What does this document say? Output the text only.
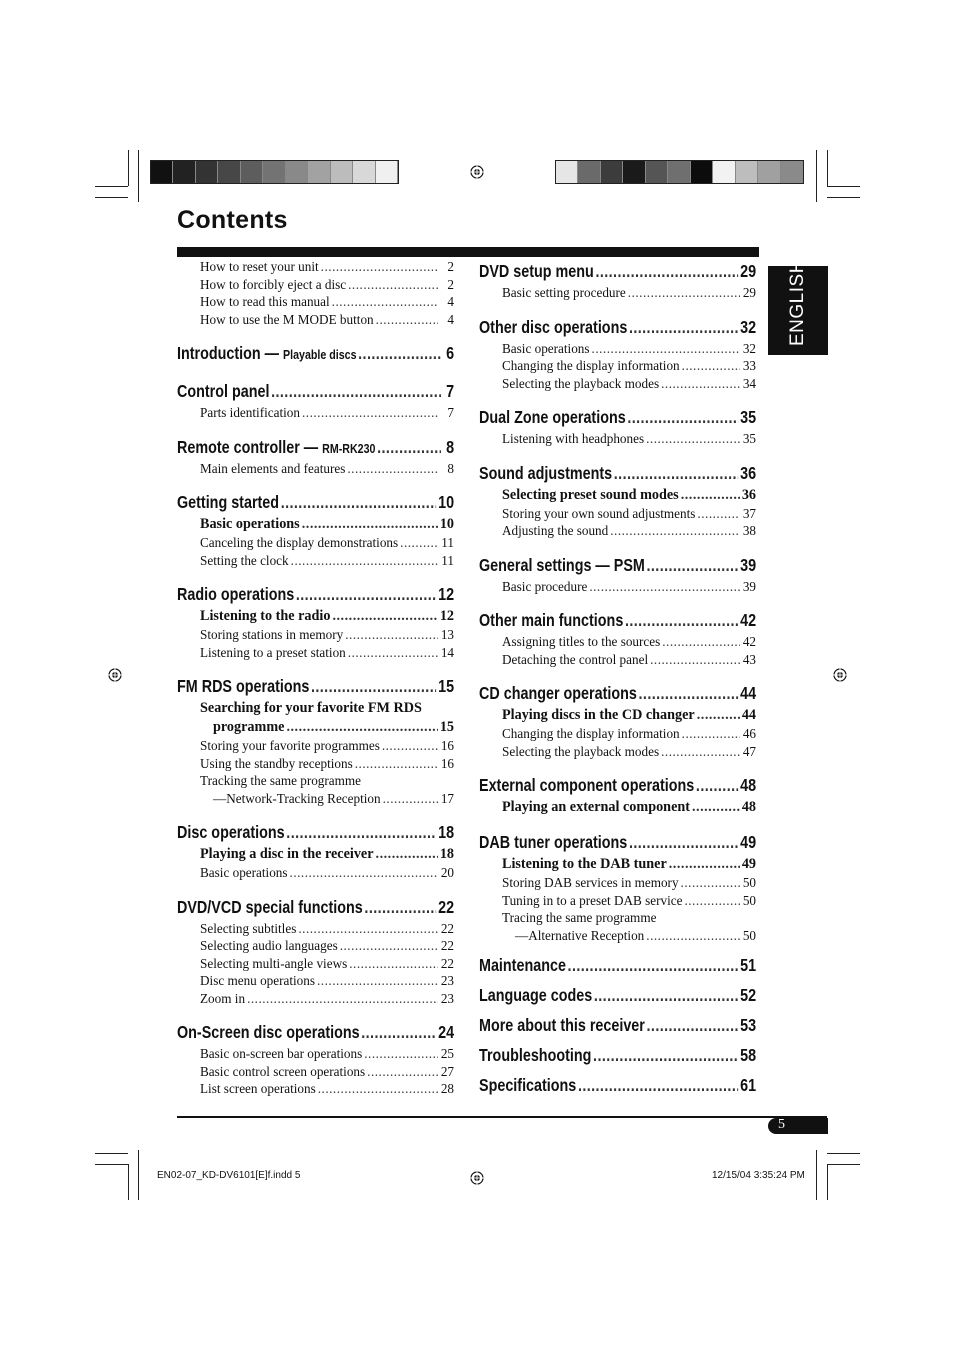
Contents
ENGLISH
How to reset your unit .....	2
How to forcibly eject a disc .....	2
How to read this manual .....	4
How to use the M MODE button .....	4
Introduction — Playable discs .....	6
Control panel .....	7
Parts identification .....	7
Remote controller — RM-RK230 .....	8
Main elements and features .....	8
Getting started .....	10
Basic operations .....	10
Canceling the display demonstrations .....	11
Setting the clock .....	11
Radio operations .....	12
Listening to the radio .....	12
Storing stations in memory .....	13
Listening to a preset station .....	14
FM RDS operations .....	15
Searching for your favorite FM RDS
programme .....	15
Storing your favorite programmes .....	16
Using the standby receptions .....	16
Tracking the same programme
—Network-Tracking Reception .....	17
Disc operations .....	18
Playing a disc in the receiver .....	18
Basic operations .....	20
DVD/VCD special functions .....	22
Selecting subtitles .....	22
Selecting audio languages .....	22
Selecting multi-angle views .....	22
Disc menu operations .....	23
Zoom in .....	23
On-Screen disc operations .....	24
Basic on-screen bar operations .....	25
Basic control screen operations .....	27
List screen operations .....	28
DVD setup menu .....	29
Basic setting procedure .....	29
Other disc operations .....	32
Basic operations .....	32
Changing the display information .....	33
Selecting the playback modes .....	34
Dual Zone operations .....	35
Listening with headphones .....	35
Sound adjustments .....	36
Selecting preset sound modes .....	36
Storing your own sound adjustments .....	37
Adjusting the sound .....	38
General settings — PSM .....	39
Basic procedure .....	39
Other main functions .....	42
Assigning titles to the sources .....	42
Detaching the control panel .....	43
CD changer operations .....	44
Playing discs in the CD changer .....	44
Changing the display information .....	46
Selecting the playback modes .....	47
External component operations .....	48
Playing an external component .....	48
DAB tuner operations .....	49
Listening to the DAB tuner .....	49
Storing DAB services in memory .....	50
Tuning in to a preset DAB service .....	50
Tracing the same programme
—Alternative Reception .....	50
Maintenance .....	51
Language codes .....	52
More about this receiver .....	53
Troubleshooting .....	58
Specifications .....	61
5
EN02-07_KD-DV6101[E]f.indd 5	12/15/04 3:35:24 PM
